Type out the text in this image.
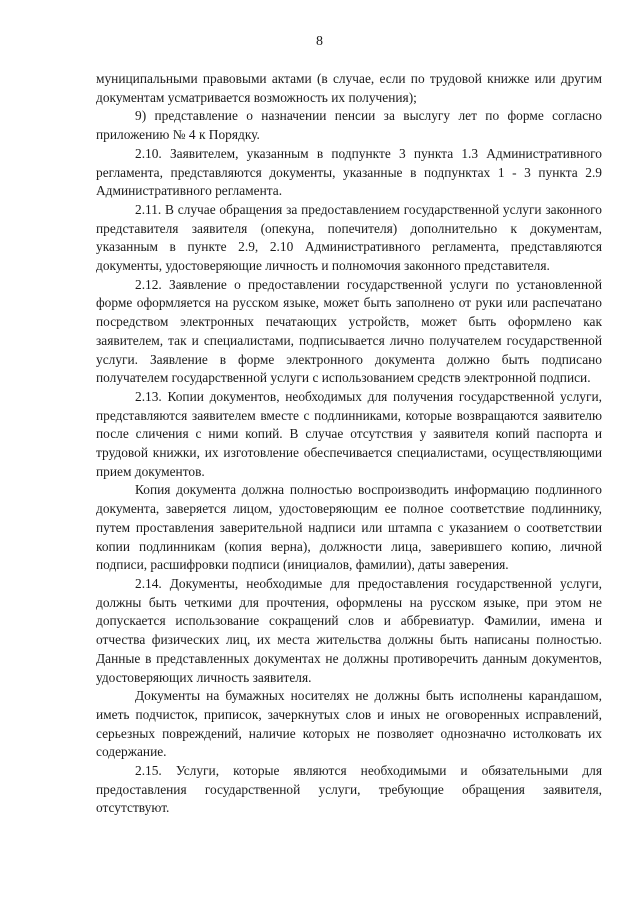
8

муниципальными правовыми актами (в случае, если по трудовой книжке или другим документам усматривается возможность их получения);

9) представление о назначении пенсии за выслугу лет по форме согласно приложению № 4 к Порядку.

2.10. Заявителем, указанным в подпункте 3 пункта 1.3 Административного регламента, представляются документы, указанные в подпунктах 1 - 3 пункта 2.9 Административного регламента.

2.11. В случае обращения за предоставлением государственной услуги законного представителя заявителя (опекуна, попечителя) дополнительно к документам, указанным в пункте 2.9, 2.10 Административного регламента, представляются документы, удостоверяющие личность и полномочия законного представителя.

2.12. Заявление о предоставлении государственной услуги по установленной форме оформляется на русском языке, может быть заполнено от руки или распечатано посредством электронных печатающих устройств, может быть оформлено как заявителем, так и специалистами, подписывается лично получателем государственной услуги. Заявление в форме электронного документа должно быть подписано получателем государственной услуги с использованием средств электронной подписи.

2.13. Копии документов, необходимых для получения государственной услуги, представляются заявителем вместе с подлинниками, которые возвращаются заявителю после сличения с ними копий. В случае отсутствия у заявителя копий паспорта и трудовой книжки, их изготовление обеспечивается специалистами, осуществляющими прием документов.

Копия документа должна полностью воспроизводить информацию подлинного документа, заверяется лицом, удостоверяющим ее полное соответствие подлиннику, путем проставления заверительной надписи или штампа с указанием о соответствии копии подлинникам (копия верна), должности лица, заверившего копию, личной подписи, расшифровки подписи (инициалов, фамилии), даты заверения.

2.14. Документы, необходимые для предоставления государственной услуги, должны быть четкими для прочтения, оформлены на русском языке, при этом не допускается использование сокращений слов и аббревиатур. Фамилии, имена и отчества физических лиц, их места жительства должны быть написаны полностью. Данные в представленных документах не должны противоречить данным документов, удостоверяющих личность заявителя.

Документы на бумажных носителях не должны быть исполнены карандашом, иметь подчисток, приписок, зачеркнутых слов и иных не оговоренных исправлений, серьезных повреждений, наличие которых не позволяет однозначно истолковать их содержание.

2.15. Услуги, которые являются необходимыми и обязательными для предоставления государственной услуги, требующие обращения заявителя, отсутствуют.
